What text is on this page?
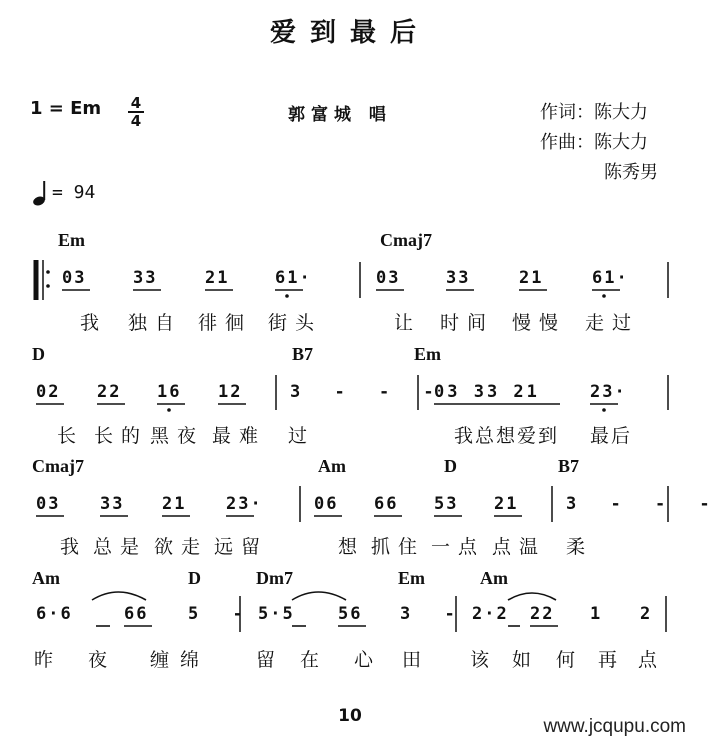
爱到最后
1 = Em 4
4	郭富城 唱	作词：陈大力
作曲：陈大力
陈秀男
= 94
Em	Cmaj7
03	33	21	61·	03	33	21	61·
我 独自 徘徊 街头	让 时间 慢慢 走过
D	B7	Em
02 22 16 12	3 - - -
03 33 21	23·
长 长的 黑夜 最难 过	我总想爱到 最后
Cmaj7	Am	D	B7
03 33 21 23·	06 66 53 21	3 - - -
我 总是 欲走 远留	想 抓住 一点 点温 柔
Am	D	Dm7	Em	Am
6·6	66 5 - 5·5	56 3 - 2·2 22 1 2
昨 夜 缠 绵	留 在 心 田 该 如 何 再 点
10	www.jcqupu.com
